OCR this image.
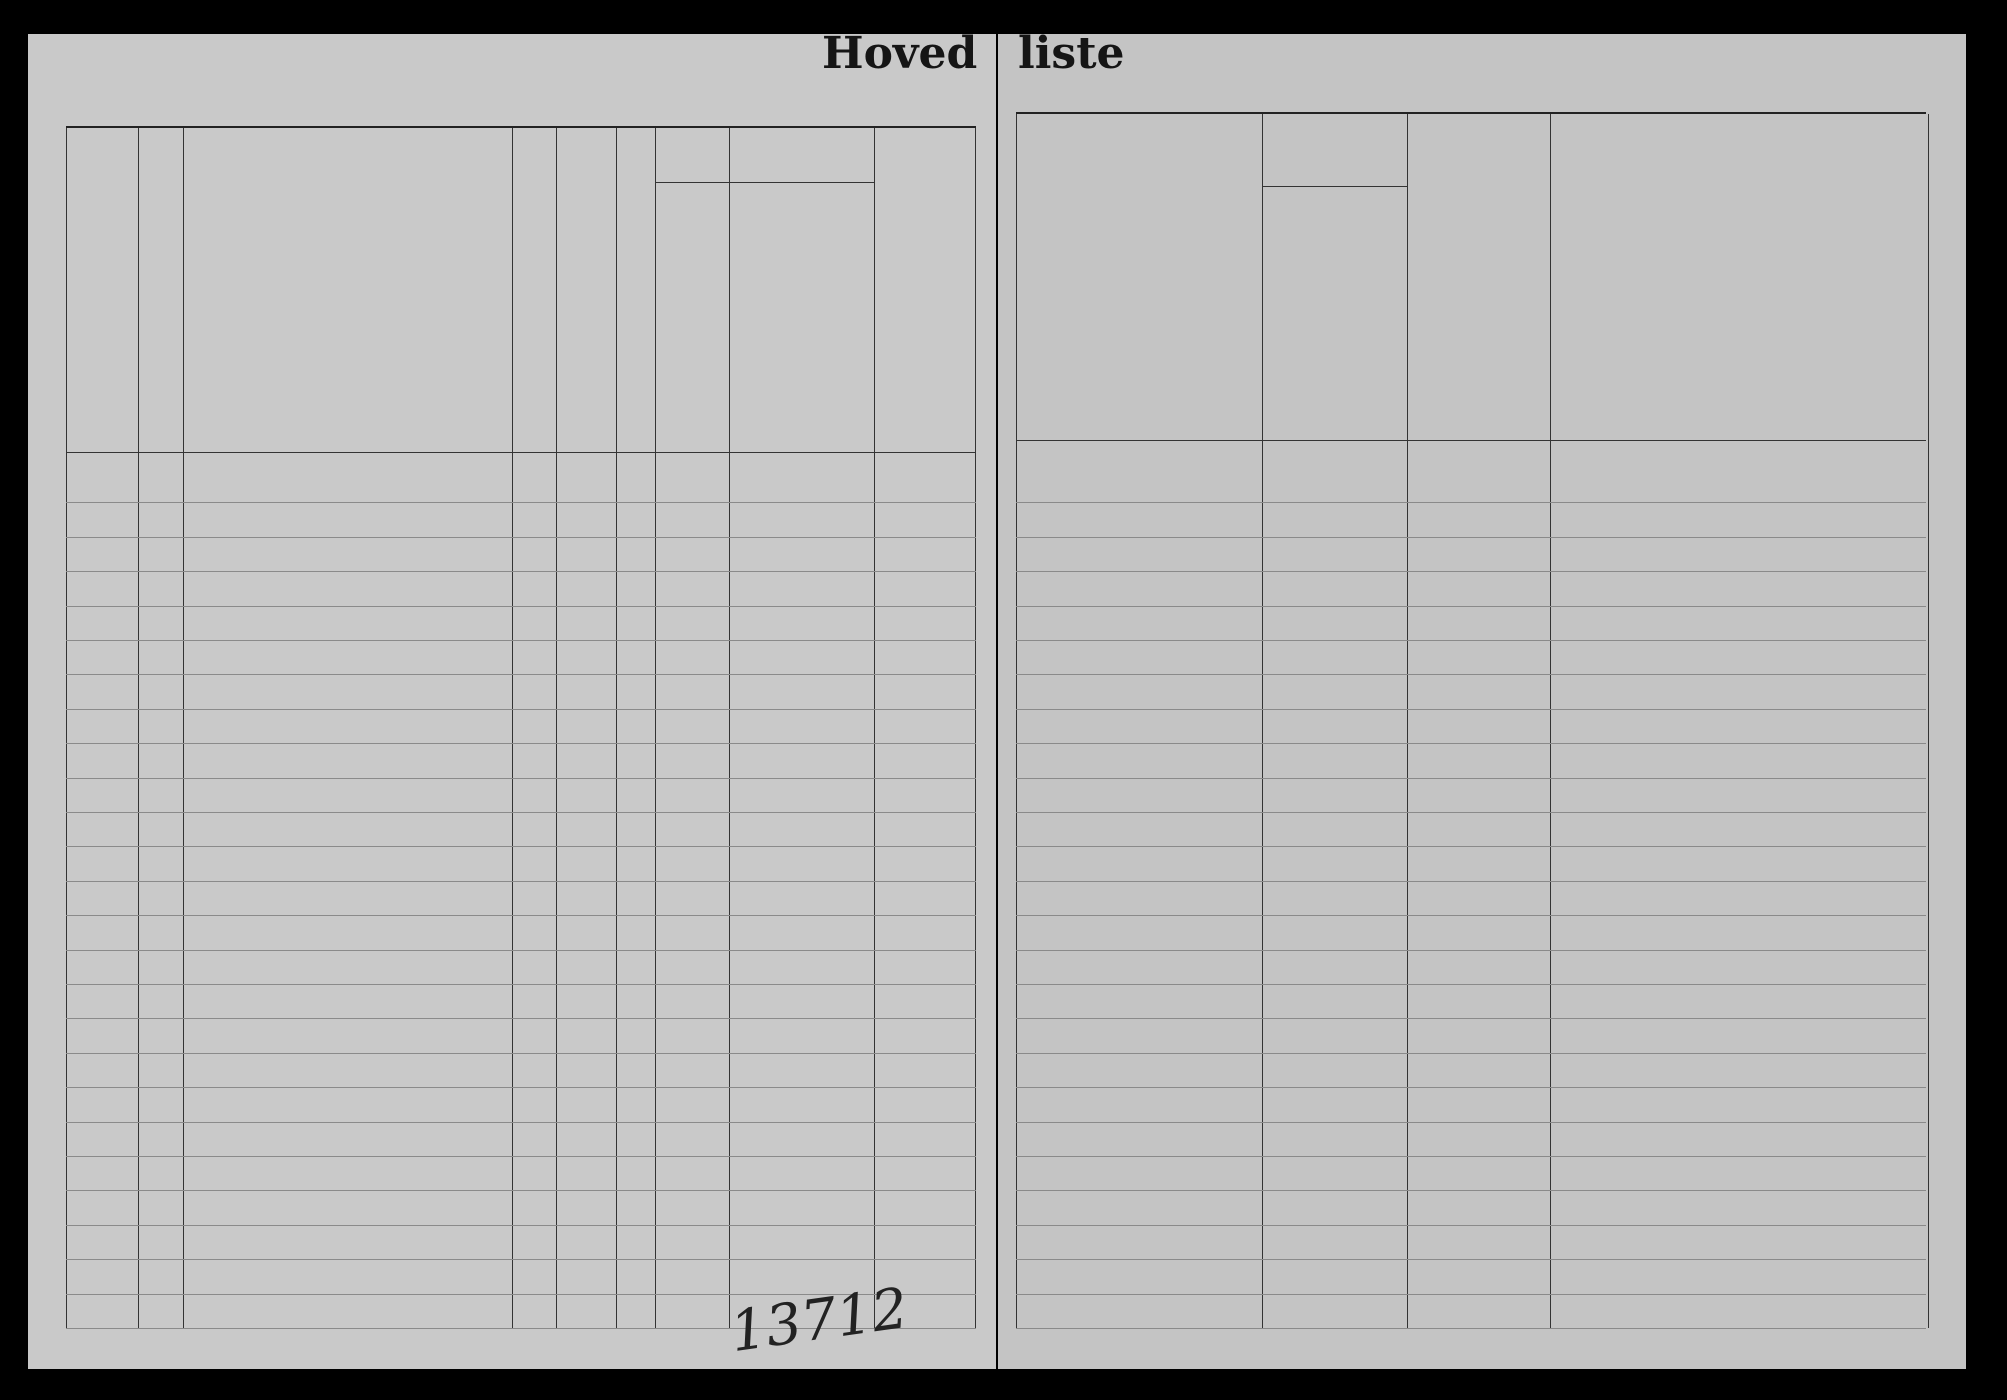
Hoved liste
13712
